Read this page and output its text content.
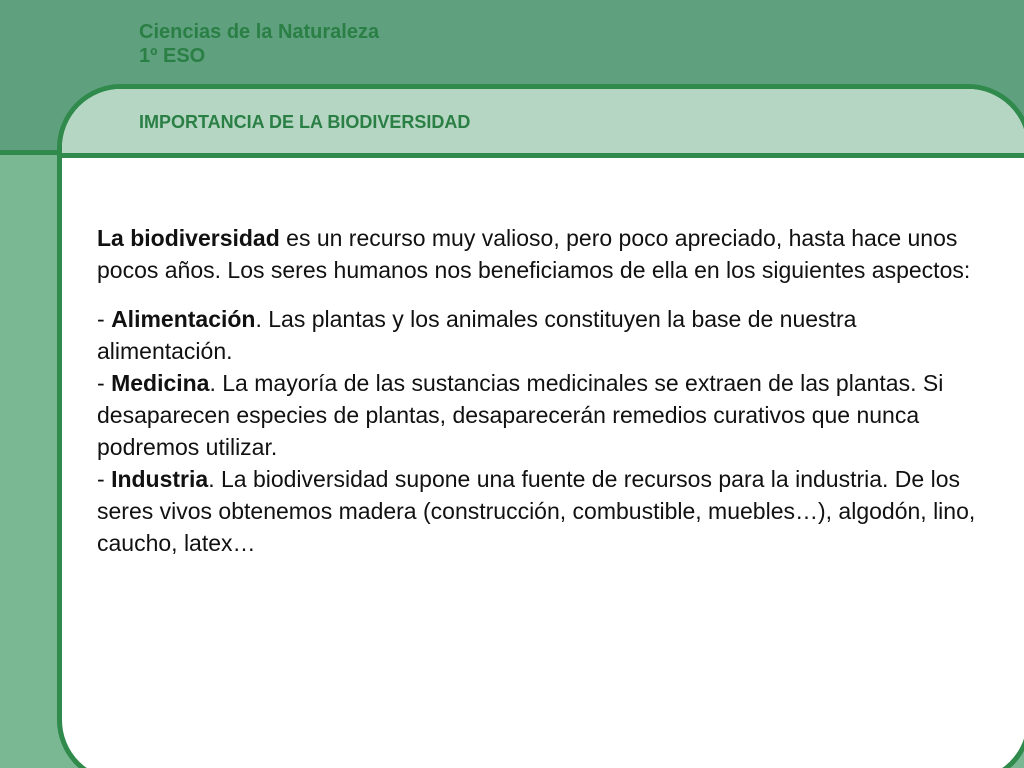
Ciencias de la Naturaleza
1º ESO
IMPORTANCIA DE LA BIODIVERSIDAD

La biodiversidad es un recurso muy valioso, pero poco apreciado, hasta hace unos pocos años. Los seres humanos nos beneficiamos de ella en los siguientes aspectos:

- Alimentación. Las plantas y los animales constituyen la base de nuestra alimentación.

- Medicina. La mayoría de las sustancias medicinales se extraen de las plantas. Si desaparecen especies de plantas, desaparecerán remedios curativos que nunca podremos utilizar.

- Industria. La biodiversidad supone una fuente de recursos para la industria. De los seres vivos obtenemos madera (construcción, combustible, muebles…), algodón, lino, caucho, latex…
